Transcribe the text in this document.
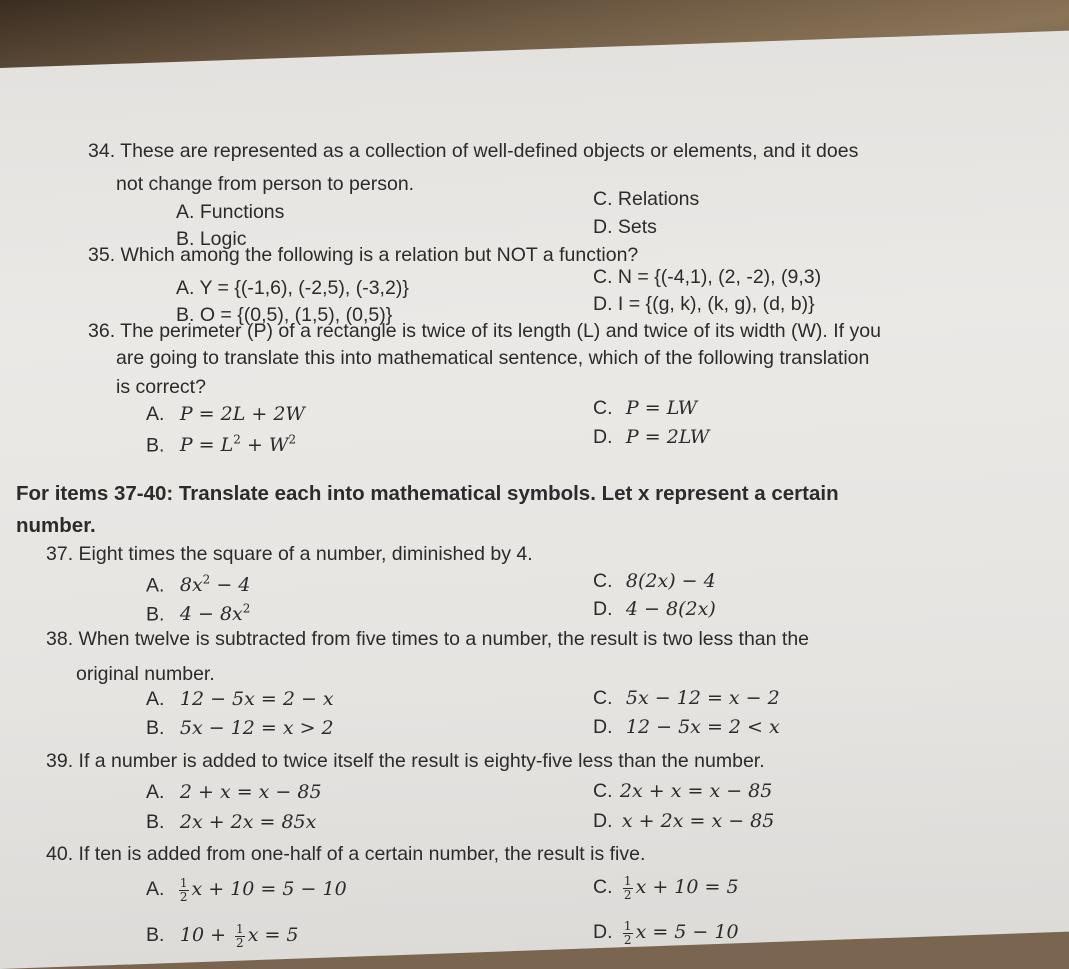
34. These are represented as a collection of well-defined objects or elements, and it does
not change from person to person.
A. Functions
B. Logic
C. Relations
D. Sets
35. Which among the following is a relation but NOT a function?
A. Y = {(-1,6), (-2,5), (-3,2)}
B. O = {(0,5), (1,5), (0,5)}
C. N = {(-4,1), (2, -2), (9,3)
D. I = {(g, k), (k, g), (d, b)}
36. The perimeter (P) of a rectangle is twice of its length (L) and twice of its width (W). If you
are going to translate this into mathematical sentence, which of the following translation
is correct?
A. P = 2L + 2W
B. $P = L^2 + W^2$
C. P = LW
D. P = 2LW
For items 37-40: Translate each into mathematical symbols. Let x represent a certain
number.
37. Eight times the square of a number, diminished by 4.
A. $8x^2 - 4$
B. $4 - 8x^2$
C. 8(2x) − 4
D. 4 − 8(2x)
38. When twelve is subtracted from five times to a number, the result is two less than the
original number.
A. 12 − 5x = 2 − x
B. 5x − 12 = x > 2
C. 5x − 12 = x − 2
D. 12 − 5x = 2 < x
39. If a number is added to twice itself the result is eighty-five less than the number.
A. 2 + x = x − 85
B. 2x + 2x = 85x
C. 2x + x = x − 85
D. x + 2x = x − 85
40. If ten is added from one-half of a certain number, the result is five.
A. $\frac{1}{2}$ x + 10 = 5 − 10
B. $10 + \frac{1}{2}$ x = 5
C. $\frac{1}{2}$ x + 10 = 5
D. $\frac{1}{2}$ x = 5 − 10
